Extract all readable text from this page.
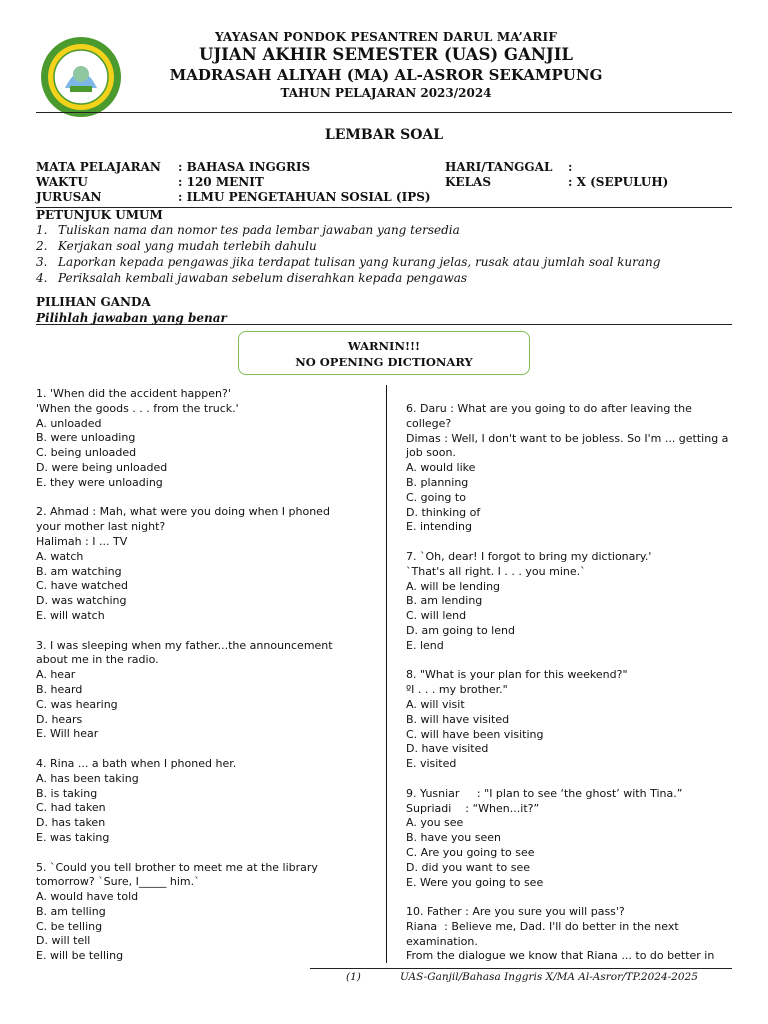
YAYASAN PONDOK PESANTREN DARUL MA’ARIF
UJIAN AKHIR SEMESTER (UAS) GANJIL
MADRASAH ALIYAH (MA) AL-ASROR SEKAMPUNG
TAHUN PELAJARAN 2023/2024
LEMBAR SOAL
MATA PELAJARAN : BAHASA INGGRIS
WAKTU	: 120 MENIT
JURUSAN	: ILMU PENGETAHUAN SOSIAL (IPS)
HARI/TANGGAL :
KELAS	: X (SEPULUH)
PETUNJUK UMUM
1. Tuliskan nama dan nomor tes pada lembar jawaban yang tersedia
2. Kerjakan soal yang mudah terlebih dahulu
3. Laporkan kepada pengawas jika terdapat tulisan yang kurang jelas, rusak atau jumlah soal kurang
4. Periksalah kembali jawaban sebelum diserahkan kepada pengawas
PILIHAN GANDA
Pilihlah jawaban yang benar
WARNIN!!!
NO OPENING DICTIONARY
1. 'When did the accident happen?'
'When the goods . . . from the truck.'
A. unloaded
B. were unloading
C. being unloaded
D. were being unloaded
E. they were unloading
2. Ahmad : Mah, what were you doing when I phoned
your mother last night?
Halimah : I ... TV
A. watch
B. am watching
C. have watched
D. was watching
E. will watch
3. I was sleeping when my father...the announcement
about me in the radio.
A. hear
B. heard
C. was hearing
D. hears
E. Will hear
4. Rina ... a bath when I phoned her.
A. has been taking
B. is taking
C. had taken
D. has taken
E. was taking
5. `Could you tell brother to meet me at the library
tomorrow? `Sure, I_____ him.`
A. would have told
B. am telling
C. be telling
D. will tell
E. will be telling
6. Daru : What are you going to do after leaving the
college?
Dimas : Well, I don't want to be jobless. So I'm ... getting a
job soon.
A. would like
B. planning
C. going to
D. thinking of
E. intending
7. `Oh, dear! I forgot to bring my dictionary.'
`That's all right. I . . . you mine.`
A. will be lending
B. am lending
C. will lend
D. am going to lend
E. lend
8. "What is your plan for this weekend?"
ºI . . . my brother."
A. will visit
B. will have visited
C. will have been visiting
D. have visited
E. visited
9. Yusniar     : "I plan to see ‘the ghost’ with Tina.”
Supriadi    : “When...it?”
A. you see
B. have you seen
C. Are you going to see
D. did you want to see
E. Were you going to see
10. Father : Are you sure you will pass'?
Riana  : Believe me, Dad. I'll do better in the next
examination.
From the dialogue we know that Riana ... to do better in
(1)	UAS-Ganjil/Bahasa Inggris X/MA Al-Asror/TP.2024-2025
